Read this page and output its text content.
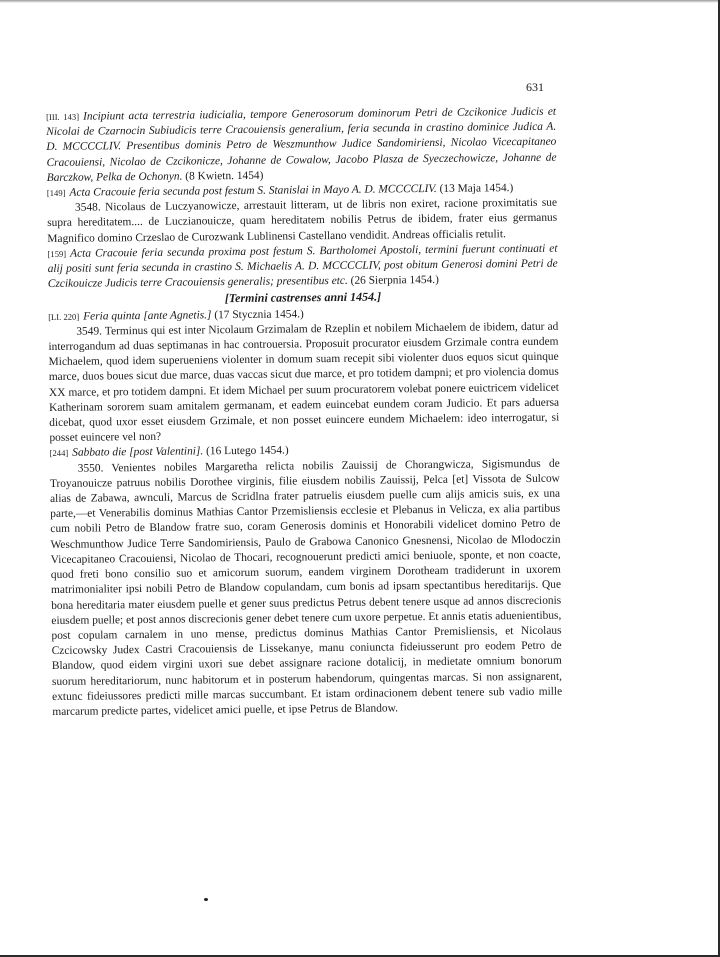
631

[III. 143] Incipiunt acta terrestria iudicialia, tempore Generosorum dominorum Petri de Czcikonice Judicis et Nicolai de Czarnocin Subiudicis terre Cracouiensis generalium, feria secunda in crastino dominice Judica A. D. MCCCCLIV. Presentibus dominis Petro de Weszmunthow Judice Sandomiriensi, Nicolao Vicecapitaneo Cracouiensi, Nicolao de Czcikonicze, Johanne de Cowalow, Jacobo Plasza de Syeczechowicze, Johanne de Barczkow, Pelka de Ochonyn. (8 Kwietn. 1454)

[149] Acta Cracouie feria secunda post festum S. Stanislai in Mayo A. D. MCCCCLIV. (13 Maja 1454.)

3548. Nicolaus de Luczyanowicze, arrestauit litteram, ut de libris non exiret, racione proximitatis sue supra hereditatem.... de Luczianouicze, quam hereditatem nobilis Petrus de ibidem, frater eius germanus Magnifico domino Crzeslao de Curozwank Lublinensi Castellano vendidit. Andreas officialis retulit.

[159] Acta Cracouie feria secunda proxima post festum S. Bartholomei Apostoli, termini fuerunt continuati et alij positi sunt feria secunda in crastino S. Michaelis A. D. MCCCCLIV, post obitum Generosi domini Petri de Czcikouicze Judicis terre Cracouiensis generalis; presentibus etc. (26 Sierpnia 1454.)

[Termini castrenses anni 1454.]

[LI. 220] Feria quinta [ante Agnetis.] (17 Stycznia 1454.)

3549. Terminus qui est inter Nicolaum Grzimalam de Rzeplin et nobilem Michaelem de ibidem, datur ad interrogandum ad duas septimanas in hac controuersia. Proposuit procurator eiusdem Grzimale contra eundem Michaelem, quod idem superueniens violenter in domum suam recepit sibi violenter duos equos sicut quinque marce, duos boues sicut due marce, duas vaccas sicut due marce, et pro totidem dampni; et pro violencia domus XX marce, et pro totidem dampni. Et idem Michael per suum procuratorem volebat ponere euictricem videlicet Katherinam sororem suam amitalem germanam, et eadem euincebat eundem coram Judicio. Et pars aduersa dicebat, quod uxor esset eiusdem Grzimale, et non posset euincere eundem Michaelem: ideo interrogatur, si posset euincere vel non?

[244] Sabbato die [post Valentini]. (16 Lutego 1454.)

3550. Venientes nobiles Margaretha relicta nobilis Zauissij de Chorangwicza, Sigismundus de Troyanouicze patruus nobilis Dorothee virginis, filie eiusdem nobilis Zauissij, Pelca [et] Vissota de Sulcow alias de Zabawa, awnculi, Marcus de Scridlna frater patruelis eiusdem puelle cum alijs amicis suis, ex una parte,—et Venerabilis dominus Mathias Cantor Przemisliensis ecclesie et Plebanus in Velicza, ex alia partibus cum nobili Petro de Blandow fratre suo, coram Generosis dominis et Honorabili videlicet domino Petro de Weschmunthow Judice Terre Sandomiriensis, Paulo de Grabowa Canonico Gnesnensi, Nicolao de Mlodoczin Vicecapitaneo Cracouiensi, Nicolao de Thocari, recognouerunt predicti amici beniuole, sponte, et non coacte, quod freti bono consilio suo et amicorum suorum, eandem virginem Dorotheam tradiderunt in uxorem matrimonialiter ipsi nobili Petro de Blandow copulandam, cum bonis ad ipsam spectantibus hereditarijs. Que bona hereditaria mater eiusdem puelle et gener suus predictus Petrus debent tenere usque ad annos discrecionis eiusdem puelle; et post annos discrecionis gener debet tenere cum uxore perpetue. Et annis etatis aduenientibus, post copulam carnalem in uno mense, predictus dominus Mathias Cantor Premisliensis, et Nicolaus Czcicowsky Judex Castri Cracouiensis de Lissekanye, manu coniuncta fideiusserunt pro eodem Petro de Blandow, quod eidem virgini uxori sue debet assignare racione dotalicij, in medietate omnium bonorum suorum hereditariorum, nunc habitorum et in posterum habendorum, quingentas marcas. Si non assignarent, extunc fideiussores predicti mille marcas succumbant. Et istam ordinacionem debent tenere sub vadio mille marcarum predicte partes, videlicet amici puelle, et ipse Petrus de Blandow.
